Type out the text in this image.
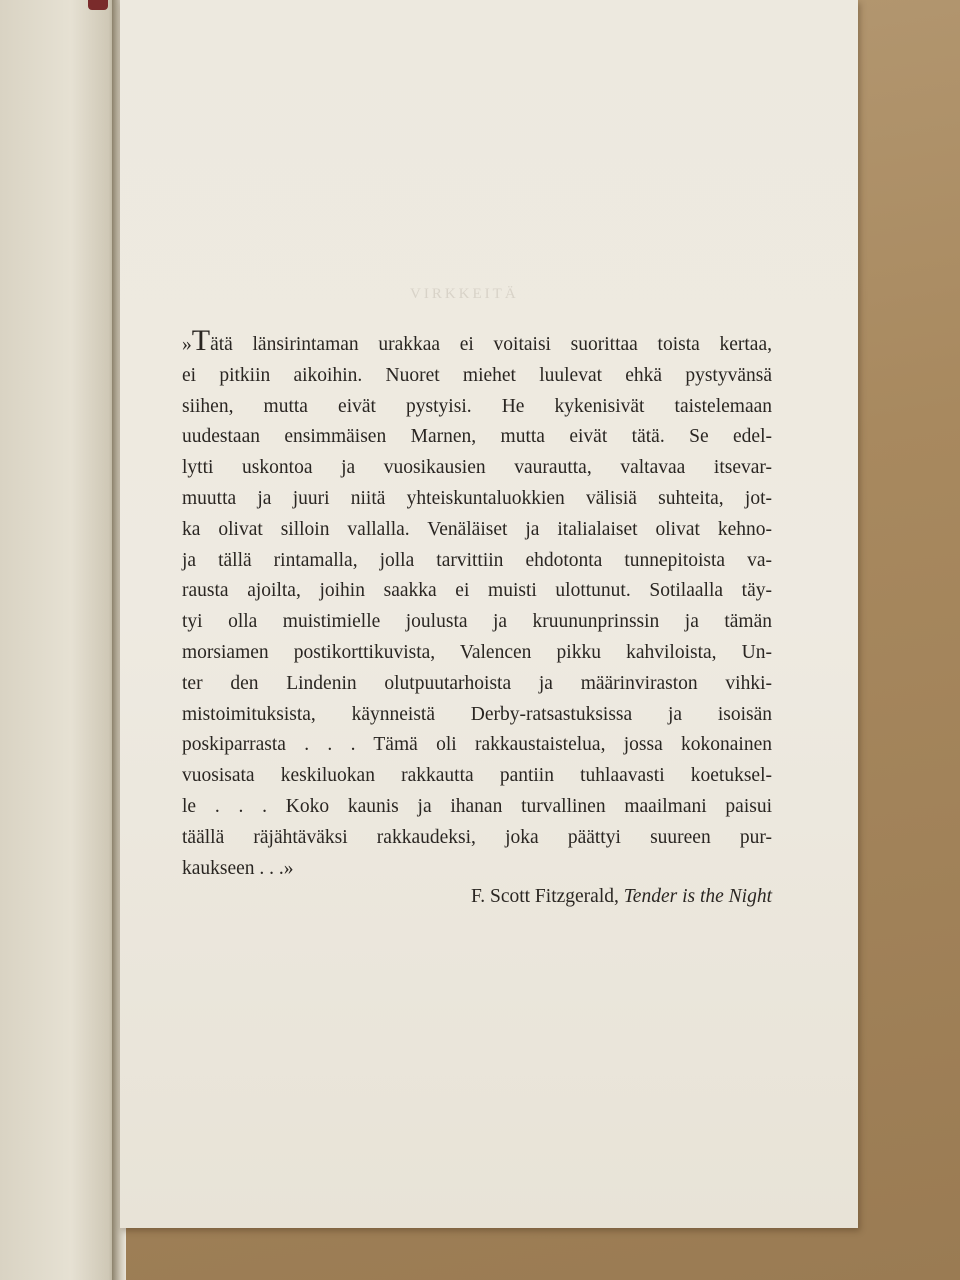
VIRKKEITÄ

»Tätä länsirintaman urakkaa ei voitaisi suorittaa toista kertaa,
ei pitkiin aikoihin. Nuoret miehet luulevat ehkä pystyvänsä
siihen, mutta eivät pystyisi. He kykenisivät taistelemaan
uudestaan ensimmäisen Marnen, mutta eivät tätä. Se edel-
lytti uskontoa ja vuosikausien vaurautta, valtavaa itsevar-
muutta ja juuri niitä yhteiskuntaluokkien välisiä suhteita, jot-
ka olivat silloin vallalla. Venäläiset ja italialaiset olivat kehno-
ja tällä rintamalla, jolla tarvittiin ehdotonta tunnepitoista va-
rausta ajoilta, joihin saakka ei muisti ulottunut. Sotilaalla täy-
tyi olla muistimielle joulusta ja kruununprinssin ja tämän
morsiamen postikorttikuvista, Valencen pikku kahviloista, Un-
ter den Lindenin olutpuutarhoista ja määrinviraston vihki-
mistoimituksista, käynneistä Derby-ratsastuksissa ja isoisän
poskiparrasta . . . Tämä oli rakkaustaistelua, jossa kokonainen
vuosisata keskiluokan rakkautta pantiin tuhlaavasti koetuksel-
le . . . Koko kaunis ja ihanan turvallinen maailmani paisui
täällä räjähtäväksi rakkaudeksi, joka päättyi suureen pur-
kaukseen . . .»

F. Scott Fitzgerald, Tender is the Night
